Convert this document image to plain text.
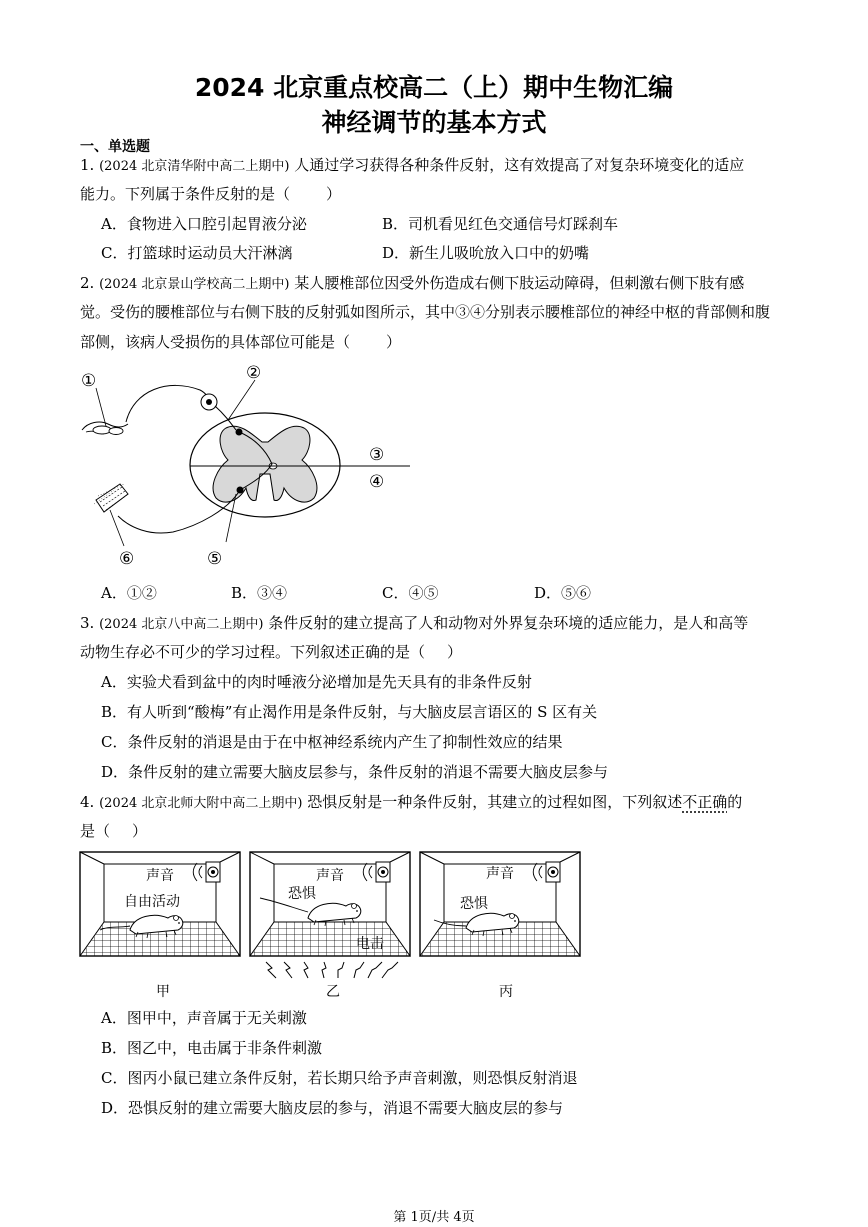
2024 北京重点校高二（上）期中生物汇编
神经调节的基本方式
一、单选题
1. (2024 北京清华附中高二上期中) 人通过学习获得各种条件反射，这有效提高了对复杂环境变化的适应
能力。下列属于条件反射的是（ ）
A．食物进入口腔引起胃液分泌	B．司机看见红色交通信号灯踩刹车
C．打篮球时运动员大汗淋漓	D．新生儿吸吮放入口中的奶嘴
2. (2024 北京景山学校高二上期中) 某人腰椎部位因受外伤造成右侧下肢运动障碍，但刺激右侧下肢有感
觉。受伤的腰椎部位与右侧下肢的反射弧如图所示，其中③④分别表示腰椎部位的神经中枢的背部侧和腹
部侧，该病人受损伤的具体部位可能是（ ）
①	②
③
④
⑤
⑥
A．①②	B．③④	C．④⑤	D．⑤⑥
3. (2024 北京八中高二上期中) 条件反射的建立提高了人和动物对外界复杂环境的适应能力，是人和高等
动物生存必不可少的学习过程。下列叙述正确的是（ ）
A．实验犬看到盆中的肉时唾液分泌增加是先天具有的非条件反射
B．有人听到“酸梅”有止渴作用是条件反射，与大脑皮层言语区的 S 区有关
C．条件反射的消退是由于在中枢神经系统内产生了抑制性效应的结果
D．条件反射的建立需要大脑皮层参与，条件反射的消退不需要大脑皮层参与
4. (2024 北京北师大附中高二上期中) 恐惧反射是一种条件反射，其建立的过程如图，下列叙述不正确的
是（ ）
声音
自由活动
甲
声音
恐惧
电击
乙
声音
恐惧
丙
A．图甲中，声音属于无关刺激
B．图乙中，电击属于非条件刺激
C．图丙小鼠已建立条件反射，若长期只给予声音刺激，则恐惧反射消退
D．恐惧反射的建立需要大脑皮层的参与，消退不需要大脑皮层的参与
第 1页/共 4页
